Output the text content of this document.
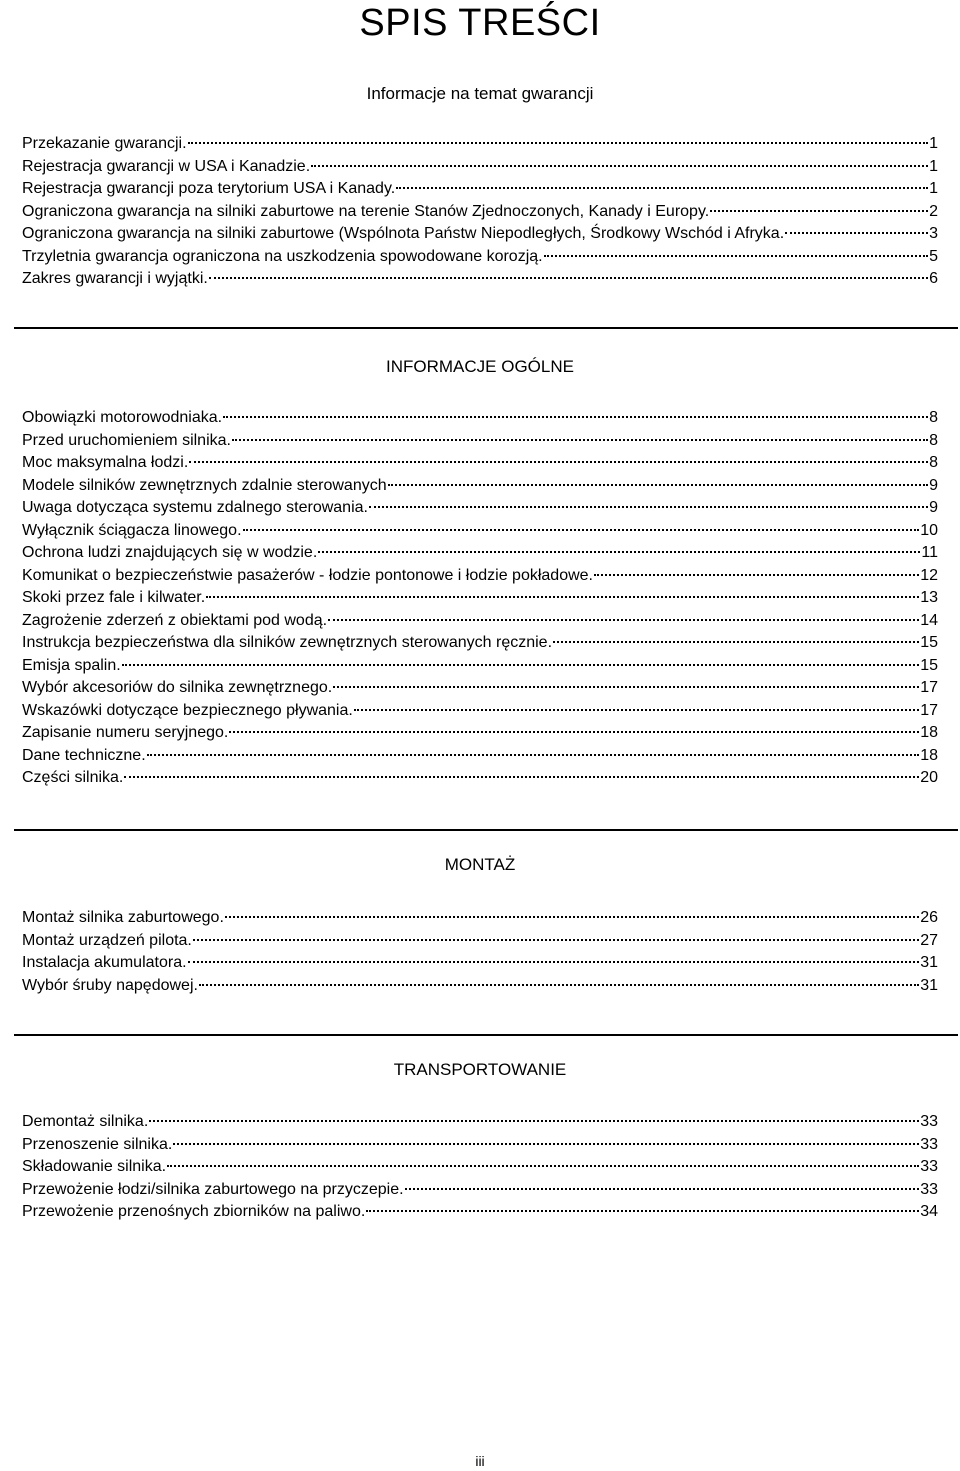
SPIS TREŚCI
Informacje na temat gwarancji
Przekazanie gwarancji.	1
Rejestracja gwarancji w USA i Kanadzie.	1
Rejestracja gwarancji poza terytorium USA i Kanady.	1
Ograniczona gwarancja na silniki zaburtowe na terenie Stanów Zjednoczonych, Kanady i Europy.	2
Ograniczona gwarancja na silniki zaburtowe (Wspólnota Państw Niepodległych, Środkowy Wschód i Afryka.	3
Trzyletnia gwarancja ograniczona na uszkodzenia spowodowane korozją.	5
Zakres gwarancji i wyjątki.	6
INFORMACJE OGÓLNE
Obowiązki motorowodniaka.	8
Przed uruchomieniem silnika.	8
Moc maksymalna łodzi.	8
Modele silników zewnętrznych zdalnie sterowanych	9
Uwaga dotycząca systemu zdalnego sterowania.	9
Wyłącznik ściągacza linowego.	10
Ochrona ludzi znajdujących się w wodzie.	11
Komunikat o bezpieczeństwie pasażerów - łodzie pontonowe i łodzie pokładowe.	12
Skoki przez fale i kilwater.	13
Zagrożenie zderzeń z obiektami pod wodą.	14
Instrukcja bezpieczeństwa dla silników zewnętrznych sterowanych ręcznie.	15
Emisja spalin.	15
Wybór akcesoriów do silnika zewnętrznego.	17
Wskazówki dotyczące bezpiecznego pływania.	17
Zapisanie numeru seryjnego.	18
Dane techniczne.	18
Części silnika.	20
MONTAŻ
Montaż silnika zaburtowego.	26
Montaż urządzeń pilota.	27
Instalacja akumulatora.	31
Wybór śruby napędowej.	31
TRANSPORTOWANIE
Demontaż silnika.	33
Przenoszenie silnika.	33
Składowanie silnika.	33
Przewożenie łodzi/silnika zaburtowego na przyczepie.	33
Przewożenie przenośnych zbiorników na paliwo.	34
iii
